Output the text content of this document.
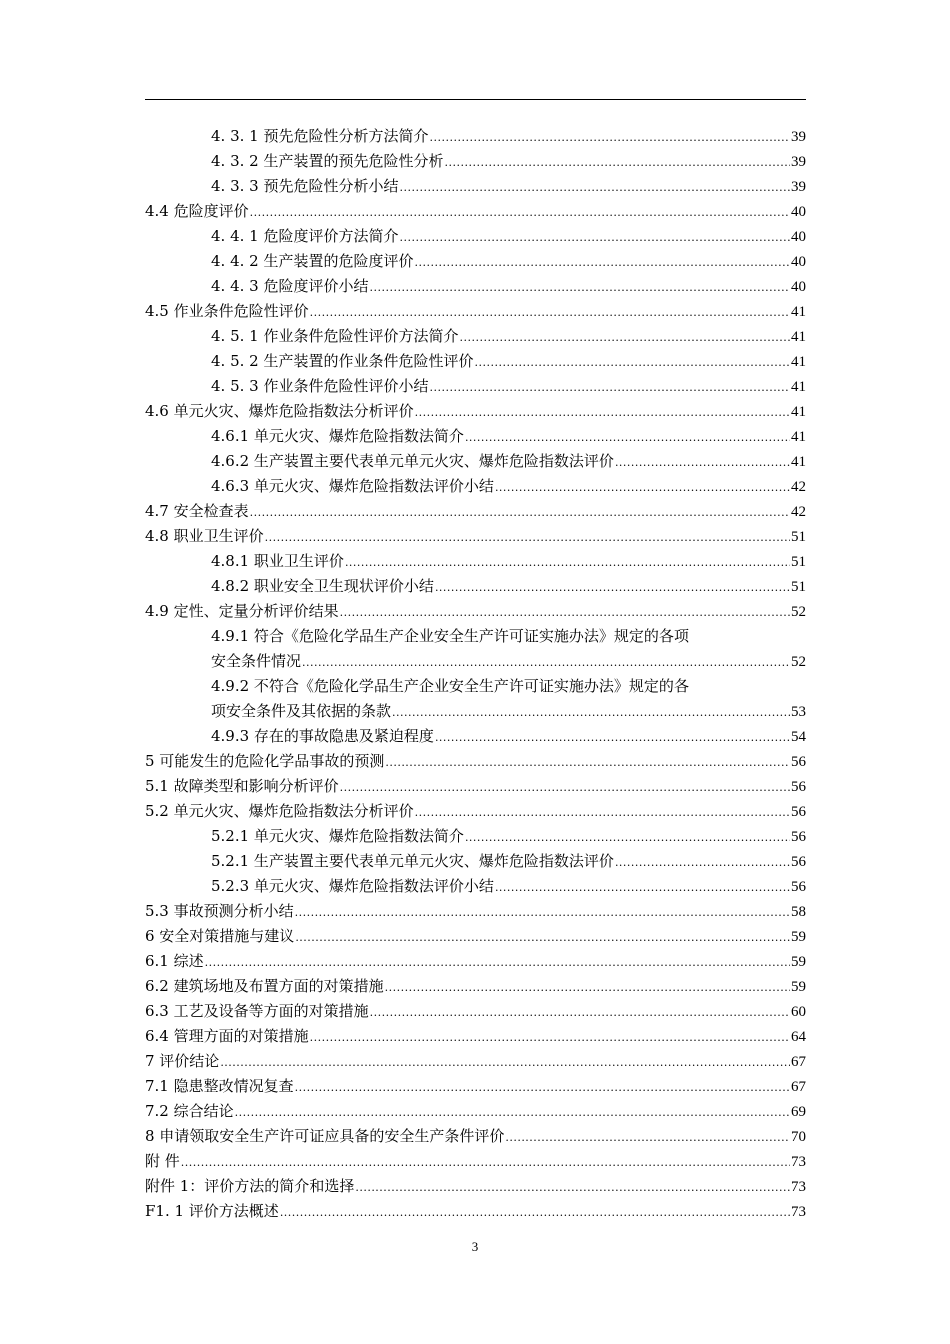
4. 3. 1 预先危险性分析方法简介 .....	39
4. 3. 2 生产装置的预先危险性分析 .....	39
4. 3. 3 预先危险性分析小结 .....	39
4.4 危险度评价 .....	40
4. 4. 1 危险度评价方法简介 .....	40
4. 4. 2 生产装置的危险度评价 .....	40
4. 4. 3 危险度评价小结 .....	40
4.5 作业条件危险性评价 .....	41
4. 5. 1 作业条件危险性评价方法简介 .....	41
4. 5. 2 生产装置的作业条件危险性评价 .....	41
4. 5. 3 作业条件危险性评价小结 .....	41
4.6 单元火灾、爆炸危险指数法分析评价 .....	41
4.6.1 单元火灾、爆炸危险指数法简介 .....	41
4.6.2 生产装置主要代表单元单元火灾、爆炸危险指数法评价 .....	41
4.6.3 单元火灾、爆炸危险指数法评价小结 .....	42
4.7 安全检查表 .....	42
4.8 职业卫生评价 .....	51
4.8.1 职业卫生评价 .....	51
4.8.2 职业安全卫生现状评价小结 .....	51
4.9 定性、定量分析评价结果 .....	52
4.9.1 符合《危险化学品生产企业安全生产许可证实施办法》规定的各项
安全条件情况 .....	52
4.9.2 不符合《危险化学品生产企业安全生产许可证实施办法》规定的各
项安全条件及其依据的条款 .....	53
4.9.3 存在的事故隐患及紧迫程度 .....	54
5 可能发生的危险化学品事故的预测 .....	56
5.1 故障类型和影响分析评价 .....	56
5.2 单元火灾、爆炸危险指数法分析评价 .....	56
5.2.1 单元火灾、爆炸危险指数法简介 .....	56
5.2.1 生产装置主要代表单元单元火灾、爆炸危险指数法评价 .....	56
5.2.3 单元火灾、爆炸危险指数法评价小结 .....	56
5.3 事故预测分析小结 .....	58
6 安全对策措施与建议 .....	59
6.1 综述 .....	59
6.2 建筑场地及布置方面的对策措施 .....	59
6.3 工艺及设备等方面的对策措施 .....	60
6.4 管理方面的对策措施 .....	64
7 评价结论 .....	67
7.1 隐患整改情况复查 .....	67
7.2 综合结论 .....	69
8 申请领取安全生产许可证应具备的安全生产条件评价 .....	70
附 件 .....	73
附件 1：评价方法的简介和选择 .....	73
F1. 1 评价方法概述 .....	73
3
